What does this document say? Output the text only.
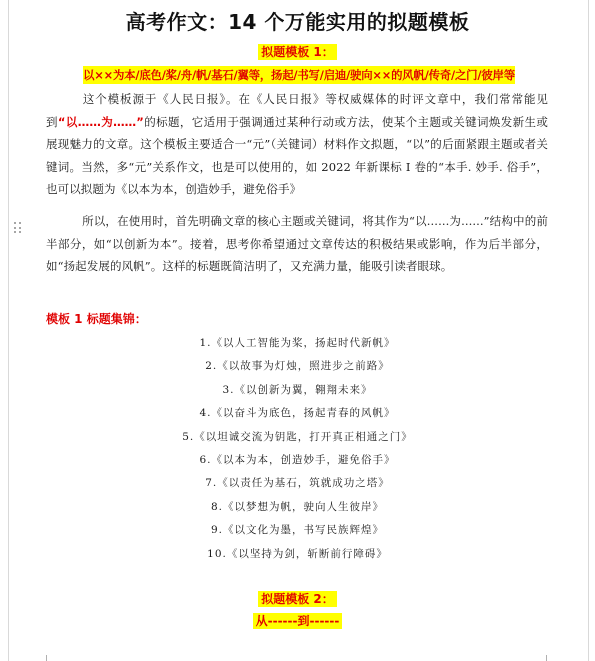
高考作文：14 个万能实用的拟题模板
拟题模板 1：
以××为本/底色/桨/舟/帆/基石/翼等，扬起/书写/启迪/驶向××的风帆/传奇/之门/彼岸等
这个模板源于《人民日报》。在《人民日报》等权威媒体的时评文章中，我们常常能见到“以……为……”的标题，它适用于强调通过某种行动或方法，使某个主题或关键词焕发新生或展现魅力的文章。这个模板主要适合一“元”（关键词）材料作文拟题，“以”的后面紧跟主题或者关键词。当然，多“元”关系作文，也是可以使用的，如 2022 年新课标 I 卷的“本手. 妙手. 俗手”，也可以拟题为《以本为本，创造妙手，避免俗手》
所以，在使用时，首先明确文章的核心主题或关键词，将其作为“以......为......”结构中的前半部分，如“以创新为本”。接着，思考你希望通过文章传达的积极结果或影响，作为后半部分，如“扬起发展的风帆”。这样的标题既简洁明了，又充满力量，能吸引读者眼球。
模板 1 标题集锦：
1.《以人工智能为桨，扬起时代新帆》
2.《以故事为灯烛，照进步之前路》
3.《以创新为翼，翱翔未来》
4.《以奋斗为底色，扬起青春的风帆》
5.《以坦诚交流为钥匙，打开真正相通之门》
6.《以本为本，创造妙手，避免俗手》
7.《以责任为基石，筑就成功之塔》
8.《以梦想为帆，驶向人生彼岸》
9.《以文化为墨，书写民族辉煌》
10.《以坚持为剑，斩断前行障碍》
拟题模板 2：
从------到------
